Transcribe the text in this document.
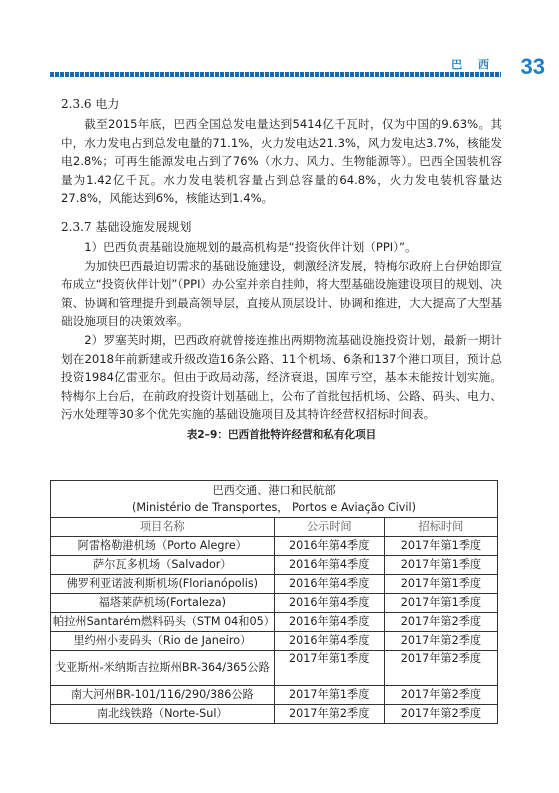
巴 西 33

2.3.6 电力

截至2015年底，巴西全国总发电量达到5414亿千瓦时，仅为中国的9.63%。其中，水力发电占到总发电量的71.1%，火力发电达21.3%，风力发电达3.7%，核能发电2.8%；可再生能源发电占到了76%（水力、风力、生物能源等）。巴西全国装机容量为1.42亿千瓦。水力发电装机容量占到总容量的64.8%，火力发电装机容量达27.8%，风能达到6%，核能达到1.4%。

2.3.7 基础设施发展规划

1）巴西负责基础设施规划的最高机构是“投资伙伴计划（PPI）”。

为加快巴西最迫切需求的基础设施建设，刺激经济发展，特梅尔政府上台伊始即宣布成立“投资伙伴计划”（PPI）办公室并亲自挂帅，将大型基础设施建设项目的规划、决策、协调和管理提升到最高领导层，直接从顶层设计、协调和推进，大大提高了大型基础设施项目的决策效率。

2）罗塞芙时期，巴西政府就曾接连推出两期物流基础设施投资计划，最新一期计划在2018年前新建或升级改造16条公路、11个机场、6条和137个港口项目，预计总投资1984亿雷亚尔。但由于政局动荡，经济衰退，国库亏空，基本未能按计划实施。特梅尔上台后，在前政府投资计划基础上，公布了首批包括机场、公路、码头、电力、污水处理等30多个优先实施的基础设施项目及其特许经营权招标时间表。

表2–9：巴西首批特许经营和私有化项目

巴西交通、港口和民航部
(Ministério de Transportes， Portos e Aviação Civil)		

项目名称	公示时间	招标时间
阿雷格勒港机场（Porto Alegre）	2016年第4季度	2017年第1季度
萨尔瓦多机场（Salvador）	2016年第4季度	2017年第1季度
佛罗利亚诺波利斯机场(Florianópolis)	2016年第4季度	2017年第1季度
福塔莱萨机场(Fortaleza)	2016年第4季度	2017年第1季度
帕拉州Santarém燃料码头（STM 04和05）	2016年第4季度	2017年第2季度
里约州小麦码头（Rio de Janeiro）	2016年第4季度	2017年第2季度
戈亚斯州-米纳斯吉拉斯州BR-364/365公路	2017年第1季度	2017年第2季度
南大河州BR-101/116/290/386公路	2017年第1季度	2017年第2季度
南北线铁路（Norte-Sul）	2017年第2季度	2017年第2季度
